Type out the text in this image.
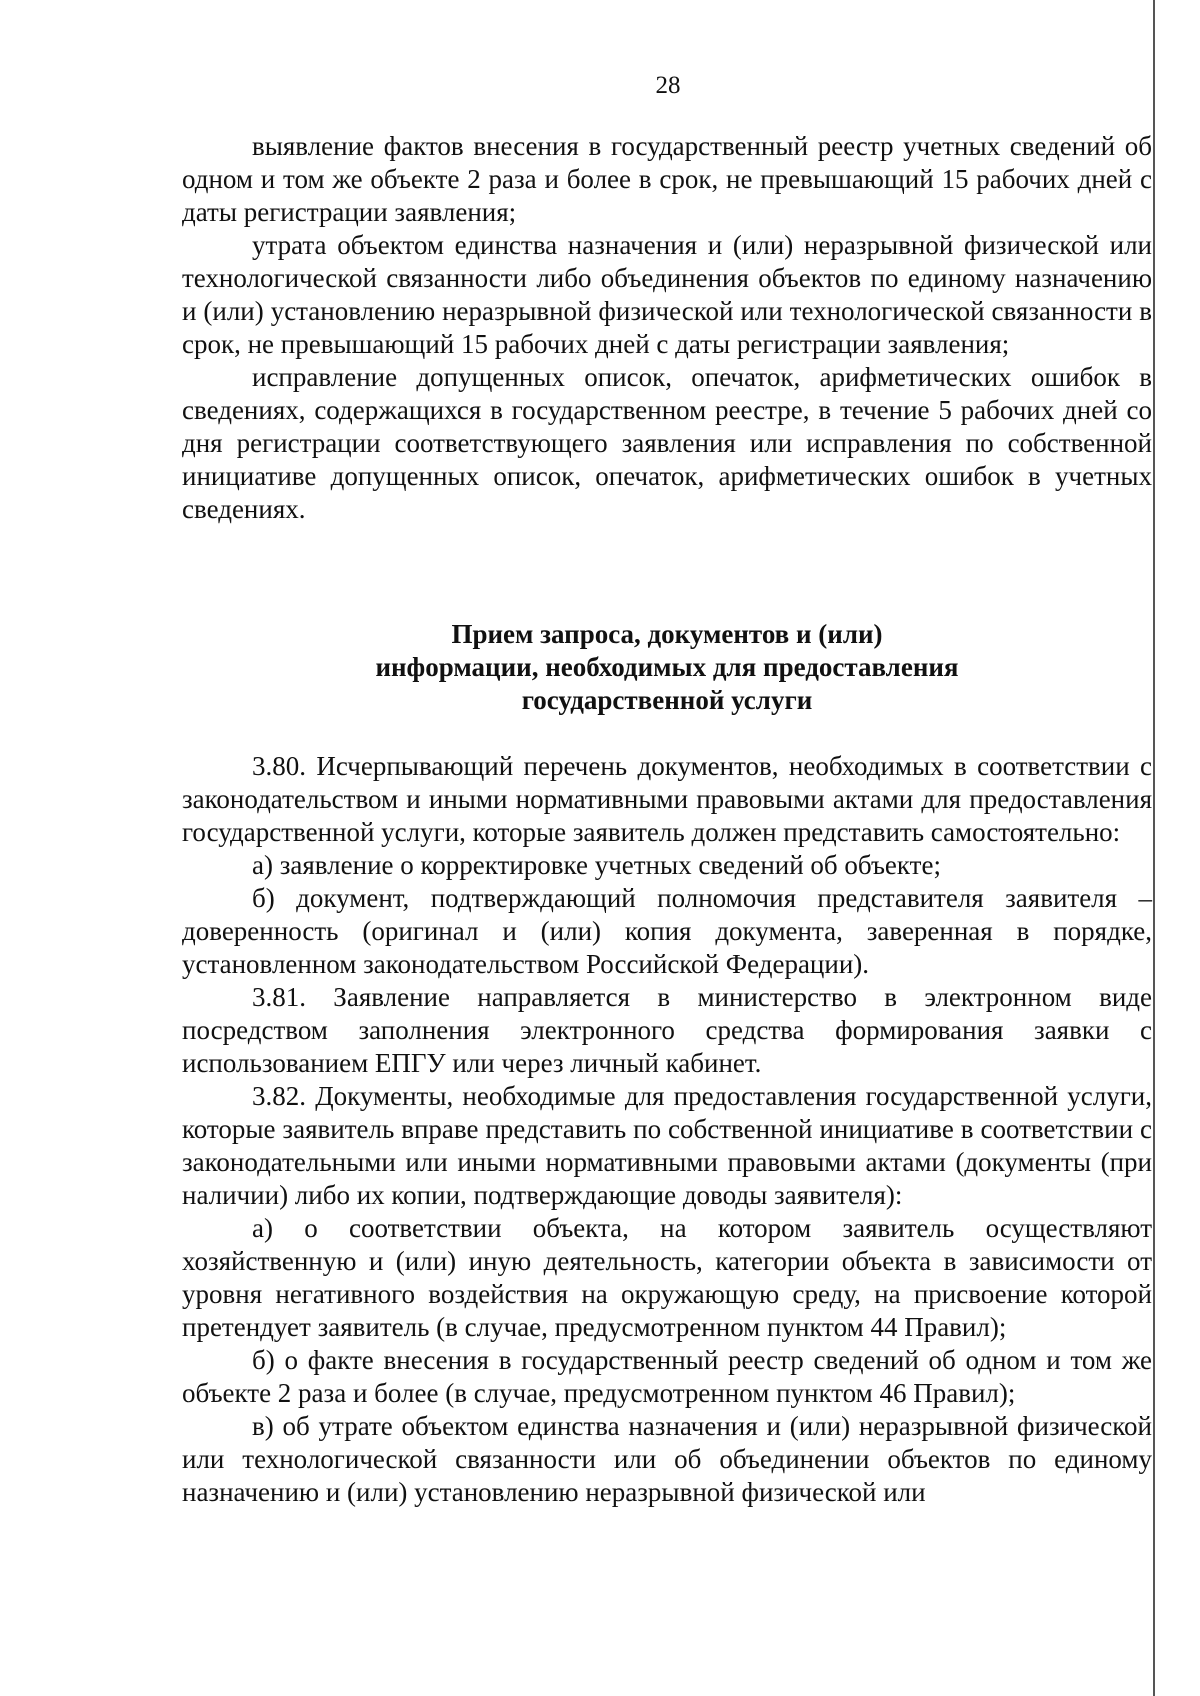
28

выявление фактов внесения в государственный реестр учетных сведений об одном и том же объекте 2 раза и более в срок, не превышающий 15 рабочих дней с даты регистрации заявления;

утрата объектом единства назначения и (или) неразрывной физической или технологической связанности либо объединения объектов по единому назначению и (или) установлению неразрывной физической или технологической связанности в срок, не превышающий 15 рабочих дней с даты регистрации заявления;

исправление допущенных описок, опечаток, арифметических ошибок в сведениях, содержащихся в государственном реестре, в течение 5 рабочих дней со дня регистрации соответствующего заявления или исправления по собственной инициативе допущенных описок, опечаток, арифметических ошибок в учетных сведениях.

Прием запроса, документов и (или)
информации, необходимых для предоставления
государственной услуги

3.80. Исчерпывающий перечень документов, необходимых в соответствии с законодательством и иными нормативными правовыми актами для предоставления государственной услуги, которые заявитель должен представить самостоятельно:

а) заявление о корректировке учетных сведений об объекте;

б) документ, подтверждающий полномочия представителя заявителя – доверенность (оригинал и (или) копия документа, заверенная в порядке, установленном законодательством Российской Федерации).

3.81. Заявление направляется в министерство в электронном виде посредством заполнения электронного средства формирования заявки с использованием ЕПГУ или через личный кабинет.

3.82. Документы, необходимые для предоставления государственной услуги, которые заявитель вправе представить по собственной инициативе в соответствии с законодательными или иными нормативными правовыми актами (документы (при наличии) либо их копии, подтверждающие доводы заявителя):

а) о соответствии объекта, на котором заявитель осуществляют хозяйственную и (или) иную деятельность, категории объекта в зависимости от уровня негативного воздействия на окружающую среду, на присвоение которой претендует заявитель (в случае, предусмотренном пунктом 44 Правил);

б) о факте внесения в государственный реестр сведений об одном и том же объекте 2 раза и более (в случае, предусмотренном пунктом 46 Правил);

в) об утрате объектом единства назначения и (или) неразрывной физической или технологической связанности или об объединении объектов по единому назначению и (или) установлению неразрывной физической или
